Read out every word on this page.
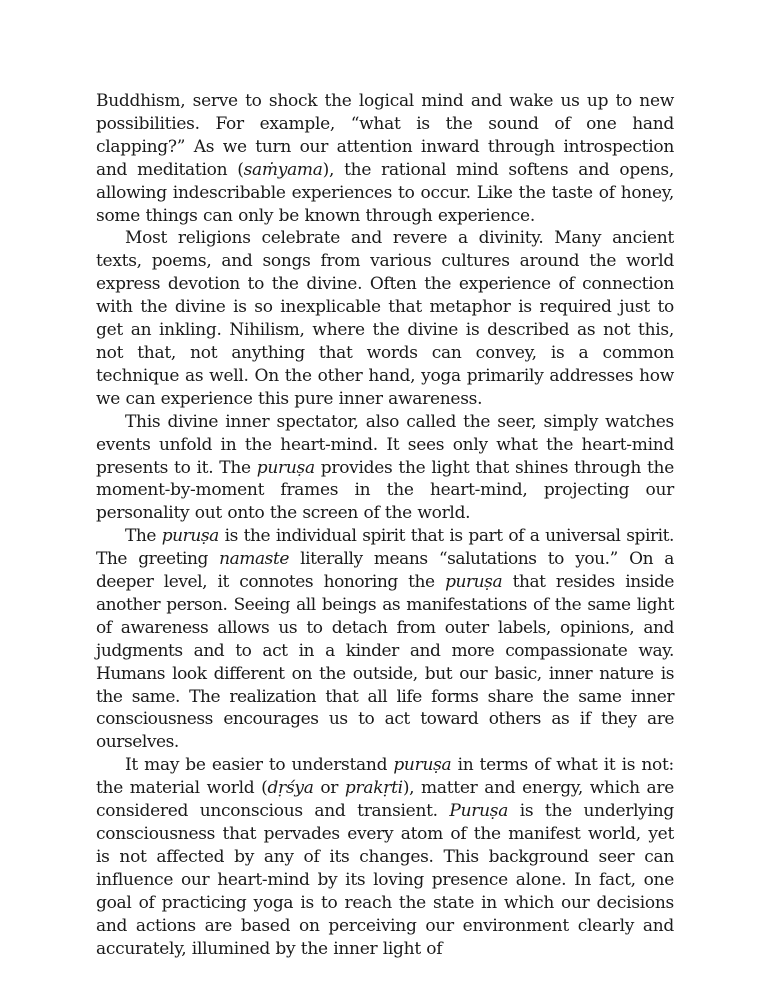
Buddhism, serve to shock the logical mind and wake us up to new possibilities. For example, “what is the sound of one hand clapping?” As we turn our attention inward through introspection and meditation (saṁyama), the rational mind softens and opens, allowing indescribable experiences to occur. Like the taste of honey, some things can only be known through experience.

Most religions celebrate and revere a divinity. Many ancient texts, poems, and songs from various cultures around the world express devotion to the divine. Often the experience of connection with the divine is so inexplicable that metaphor is required just to get an inkling. Nihilism, where the divine is described as not this, not that, not anything that words can convey, is a common technique as well. On the other hand, yoga primarily addresses how we can experience this pure inner awareness.

This divine inner spectator, also called the seer, simply watches events unfold in the heart-mind. It sees only what the heart-mind presents to it. The puruṣa provides the light that shines through the moment-by-moment frames in the heart-mind, projecting our personality out onto the screen of the world.

The puruṣa is the individual spirit that is part of a universal spirit. The greeting namaste literally means “salutations to you.” On a deeper level, it connotes honoring the puruṣa that resides inside another person. Seeing all beings as manifestations of the same light of awareness allows us to detach from outer labels, opinions, and judgments and to act in a kinder and more compassionate way. Humans look different on the outside, but our basic, inner nature is the same. The realization that all life forms share the same inner consciousness encourages us to act toward others as if they are ourselves.

It may be easier to understand puruṣa in terms of what it is not: the material world (dṛśya or prakṛti), matter and energy, which are considered unconscious and transient. Puruṣa is the underlying consciousness that pervades every atom of the manifest world, yet is not affected by any of its changes. This background seer can influence our heart-mind by its loving presence alone. In fact, one goal of practicing yoga is to reach the state in which our decisions and actions are based on perceiving our environment clearly and accurately, illumined by the inner light of
